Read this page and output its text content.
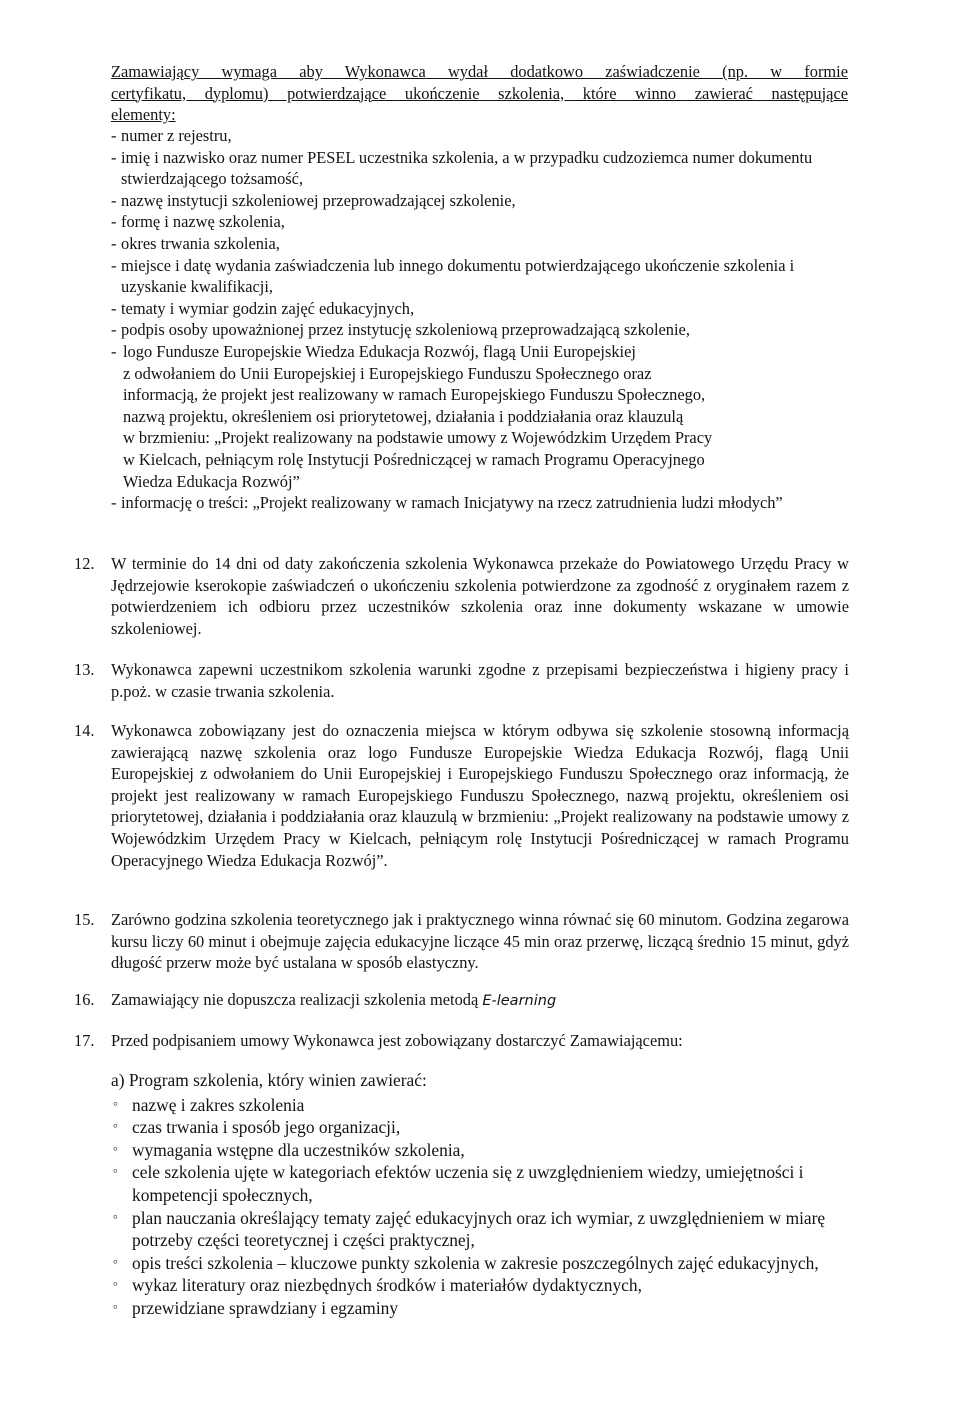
Zamawiający wymaga aby Wykonawca wydał dodatkowo zaświadczenie (np. w formie
certyfikatu, dyplomu) potwierdzające ukończenie szkolenia, które winno zawierać następujące
elementy:
- numer z rejestru,
- imię i nazwisko oraz numer PESEL uczestnika szkolenia, a w przypadku cudzoziemca numer dokumentu stwierdzającego tożsamość,
- nazwę instytucji szkoleniowej przeprowadzającej szkolenie,
- formę i nazwę szkolenia,
- okres trwania szkolenia,
- miejsce i datę wydania zaświadczenia lub innego dokumentu potwierdzającego ukończenie szkolenia i uzyskanie kwalifikacji,
- tematy i wymiar godzin zajęć edukacyjnych,
- podpis osoby upoważnionej przez instytucję szkoleniową przeprowadzającą szkolenie,
- logo Fundusze Europejskie Wiedza Edukacja Rozwój, flagą Unii Europejskiej
z odwołaniem do Unii Europejskiej i Europejskiego Funduszu Społecznego oraz
informacją, że projekt jest realizowany w ramach Europejskiego Funduszu Społecznego,
nazwą projektu, określeniem osi priorytetowej, działania i poddziałania oraz klauzulą
w brzmieniu: „Projekt realizowany na podstawie umowy z Wojewódzkim Urzędem Pracy
w Kielcach, pełniącym rolę Instytucji Pośredniczącej w ramach Programu Operacyjnego
Wiedza Edukacja Rozwój”
- informację o treści: „Projekt realizowany w ramach Inicjatywy na rzecz zatrudnienia ludzi młodych”
12.	W terminie do 14 dni od daty zakończenia szkolenia Wykonawca przekaże do Powiatowego Urzędu Pracy w Jędrzejowie kserokopie zaświadczeń o ukończeniu szkolenia potwierdzone za zgodność z oryginałem razem z potwierdzeniem ich odbioru przez uczestników szkolenia oraz inne dokumenty wskazane w umowie szkoleniowej.
13.	Wykonawca zapewni uczestnikom szkolenia warunki zgodne z przepisami bezpieczeństwa i higieny pracy i p.poż. w czasie trwania szkolenia.
14.	Wykonawca zobowiązany jest do oznaczenia miejsca w którym odbywa się szkolenie stosowną informacją zawierającą nazwę szkolenia oraz logo Fundusze Europejskie Wiedza Edukacja Rozwój, flagą Unii Europejskiej z odwołaniem do Unii Europejskiej i Europejskiego Funduszu Społecznego oraz informacją, że projekt jest realizowany w ramach Europejskiego Funduszu Społecznego, nazwą projektu, określeniem osi priorytetowej, działania i poddziałania oraz klauzulą w brzmieniu: „Projekt realizowany na podstawie umowy z Wojewódzkim Urzędem Pracy w Kielcach, pełniącym rolę Instytucji Pośredniczącej w ramach Programu Operacyjnego Wiedza Edukacja Rozwój”.
15.	Zarówno godzina szkolenia teoretycznego jak i praktycznego winna równać się 60 minutom. Godzina zegarowa kursu liczy 60 minut i obejmuje zajęcia edukacyjne liczące 45 min oraz przerwę, liczącą średnio 15 minut, gdyż długość przerw może być ustalana w sposób elastyczny.
16.	Zamawiający nie dopuszcza realizacji szkolenia metodą E-learning
17.	Przed podpisaniem umowy Wykonawca jest zobowiązany dostarczyć Zamawiającemu:
a) Program szkolenia, który winien zawierać:
° nazwę i zakres szkolenia
° czas trwania i sposób jego organizacji,
° wymagania wstępne dla uczestników szkolenia,
° cele szkolenia ujęte w kategoriach efektów uczenia się z uwzględnieniem wiedzy, umiejętności i kompetencji społecznych,
° plan nauczania określający tematy zajęć edukacyjnych oraz ich wymiar, z uwzględnieniem w miarę potrzeby części teoretycznej i części praktycznej,
° opis treści szkolenia – kluczowe punkty szkolenia w zakresie poszczególnych zajęć edukacyjnych,
° wykaz literatury oraz niezbędnych środków i materiałów dydaktycznych,
° przewidziane sprawdziany i egzaminy
